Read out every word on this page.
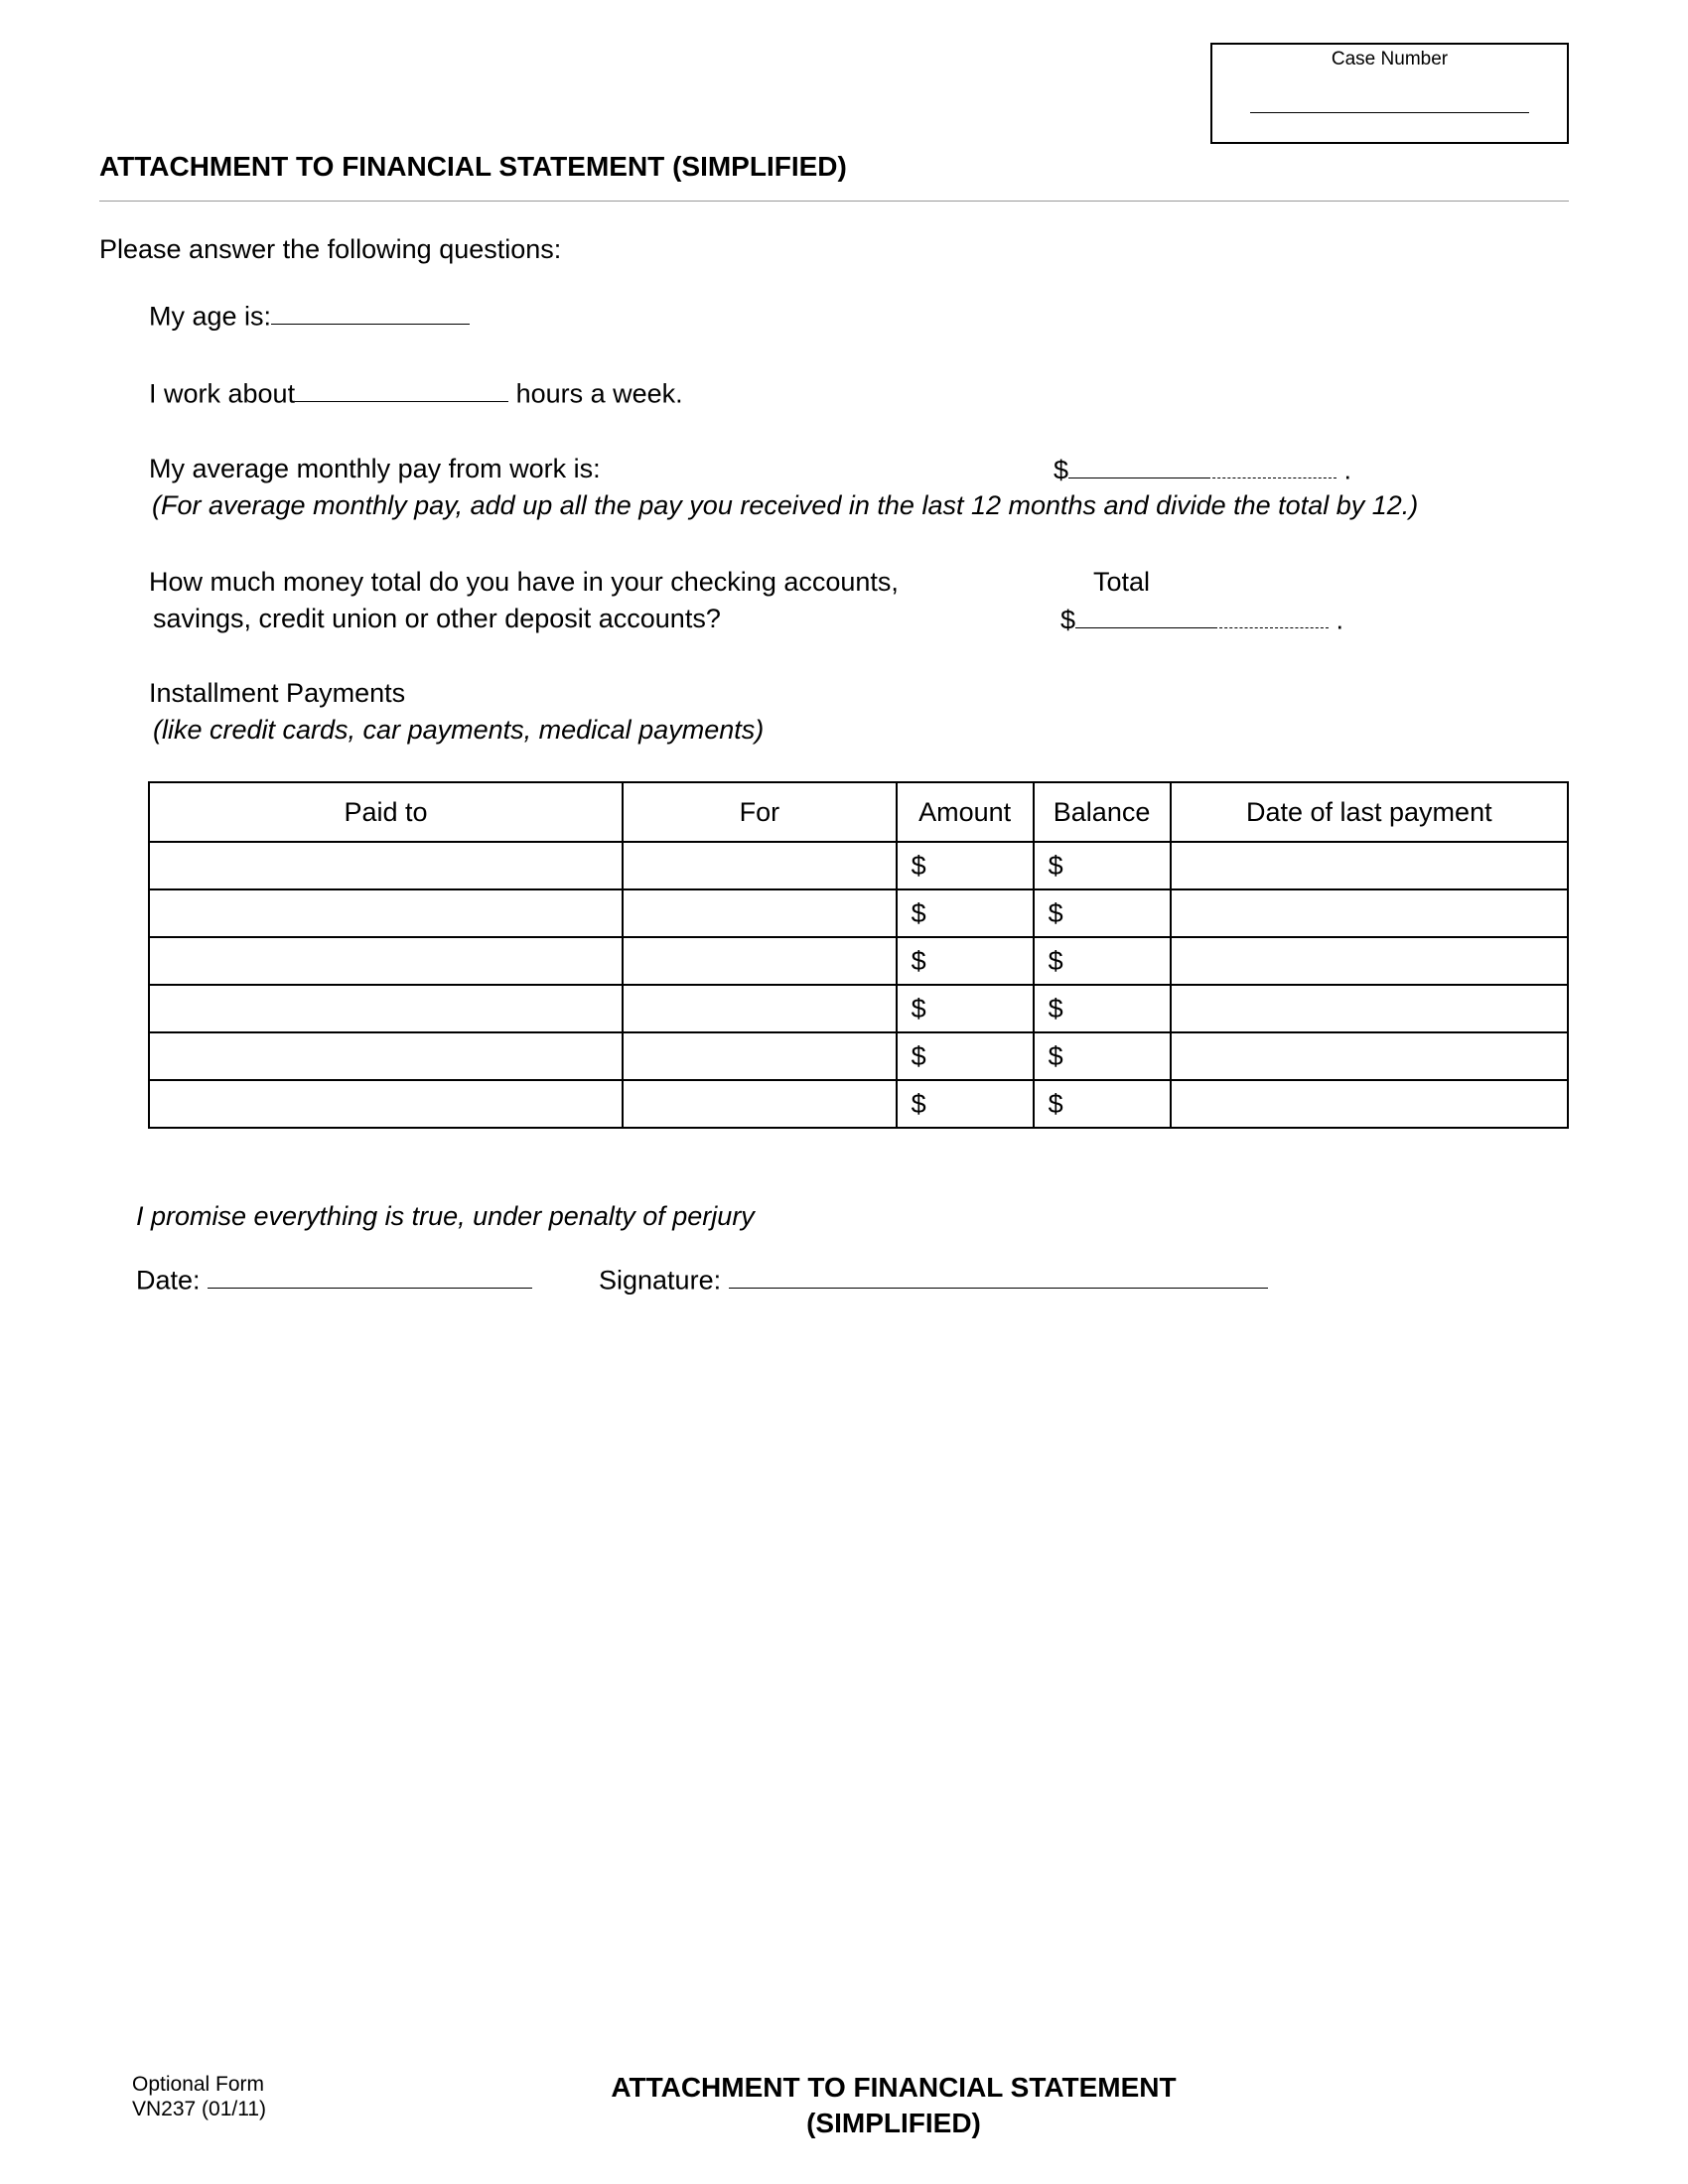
Case Number
ATTACHMENT TO FINANCIAL STATEMENT (SIMPLIFIED)
Please answer the following questions:
My age is:
I work about	hours a week.
My average monthly pay from work is:	$	.
(For average monthly pay, add up all the pay you received in the last 12 months and divide the total by 12.)
How much money total do you have in your checking accounts,
savings, credit union or other deposit accounts?
Total
$	.
Installment Payments
(like credit cards, car payments, medical payments)
Paid to	For	Amount	Balance	Date of last payment
		$	$	
		$	$	
		$	$	
		$	$	
		$	$	
		$	$	
I promise everything is true, under penalty of perjury
Date:	Signature:
Optional Form
VN237 (01/11)
ATTACHMENT TO FINANCIAL STATEMENT
(SIMPLIFIED)
